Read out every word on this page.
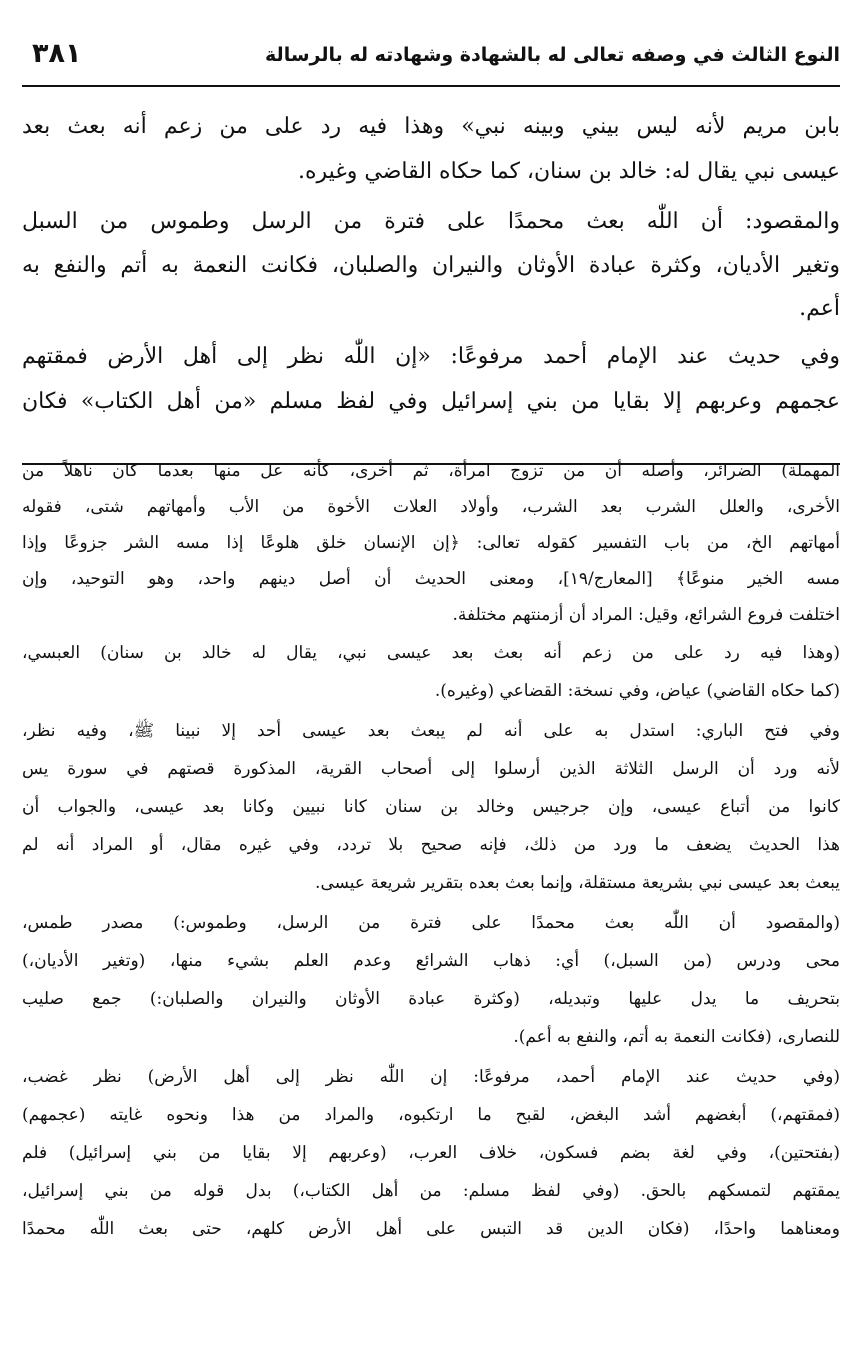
النوع الثالث في وصفه تعالى له بالشهادة وشهادته له بالرسالة
٣٨١
بابن مريم لأنه ليس بيني وبينه نبي» وهذا فيه رد على من زعم أنه بعث بعد
عيسى نبي يقال له: خالد بن سنان، كما حكاه القاضي وغيره.
والمقصود: أن اللّٰه بعث محمدًا على فترة من الرسل وطموس من السبل
وتغير الأديان، وكثرة عبادة الأوثان والنيران والصلبان، فكانت النعمة به أتم والنفع به
أعم.
وفي حديث عند الإمام أحمد مرفوعًا: «إن اللّٰه نظر إلى أهل الأرض فمقتهم
عجمهم وعربهم إلا بقايا من بني إسرائيل وفي لفظ مسلم «من أهل الكتاب» فكان
المهملة) الضرائر، وأصله أن من تزوج امرأة، ثم أخرى، كأنه عل منها بعدما كان ناهلاً من
الأخرى، والعلل الشرب بعد الشرب، وأولاد العلات الأخوة من الأب وأمهاتهم شتى، فقوله
أمهاتهم الخ، من باب التفسير كقوله تعالى: ﴿إن الإنسان خلق هلوعًا إذا مسه الشر جزوعًا وإذا
مسه الخير منوعًا﴾ [المعارج/١٩]، ومعنى الحديث أن أصل دينهم واحد، وهو التوحيد، وإن
اختلفت فروع الشرائع، وقيل: المراد أن أزمنتهم مختلفة.
(وهذا فيه رد على من زعم أنه بعث بعد عيسى نبي، يقال له خالد بن سنان) العبسي،
(كما حكاه القاضي) عياض، وفي نسخة: القضاعي (وغيره).
وفي فتح الباري: استدل به على أنه لم يبعث بعد عيسى أحد إلا نبينا ﷺ، وفيه نظر،
لأنه ورد أن الرسل الثلاثة الذين أرسلوا إلى أصحاب القرية، المذكورة قصتهم في سورة يس
كانوا من أتباع عيسى، وإن جرجيس وخالد بن سنان كانا نبيين وكانا بعد عيسى، والجواب أن
هذا الحديث يضعف ما ورد من ذلك، فإنه صحيح بلا تردد، وفي غيره مقال، أو المراد أنه لم
يبعث بعد عيسى نبي بشريعة مستقلة، وإنما بعث بعده بتقرير شريعة عيسى.
(والمقصود أن اللّٰه بعث محمدًا على فترة من الرسل، وطموس:) مصدر طمس،
محى ودرس (من السبل،) أي: ذهاب الشرائع وعدم العلم بشيء منها، (وتغير الأديان،)
بتحريف ما يدل عليها وتبديله، (وكثرة عبادة الأوثان والنيران والصلبان:) جمع صليب
للنصارى، (فكانت النعمة به أتم، والنفع به أعم).
(وفي حديث عند الإمام أحمد، مرفوعًا: إن اللّٰه نظر إلى أهل الأرض) نظر غضب،
(فمقتهم،) أبغضهم أشد البغض، لقبح ما ارتكبوه، والمراد من هذا ونحوه غايته (عجمهم)
(بفتحتين)، وفي لغة بضم فسكون، خلاف العرب، (وعربهم إلا بقايا من بني إسرائيل) فلم
يمقتهم لتمسكهم بالحق. (وفي لفظ مسلم: من أهل الكتاب،) بدل قوله من بني إسرائيل،
ومعناهما واحدًا، (فكان الدين قد التبس على أهل الأرض كلهم، حتى بعث اللّٰه محمدًا
